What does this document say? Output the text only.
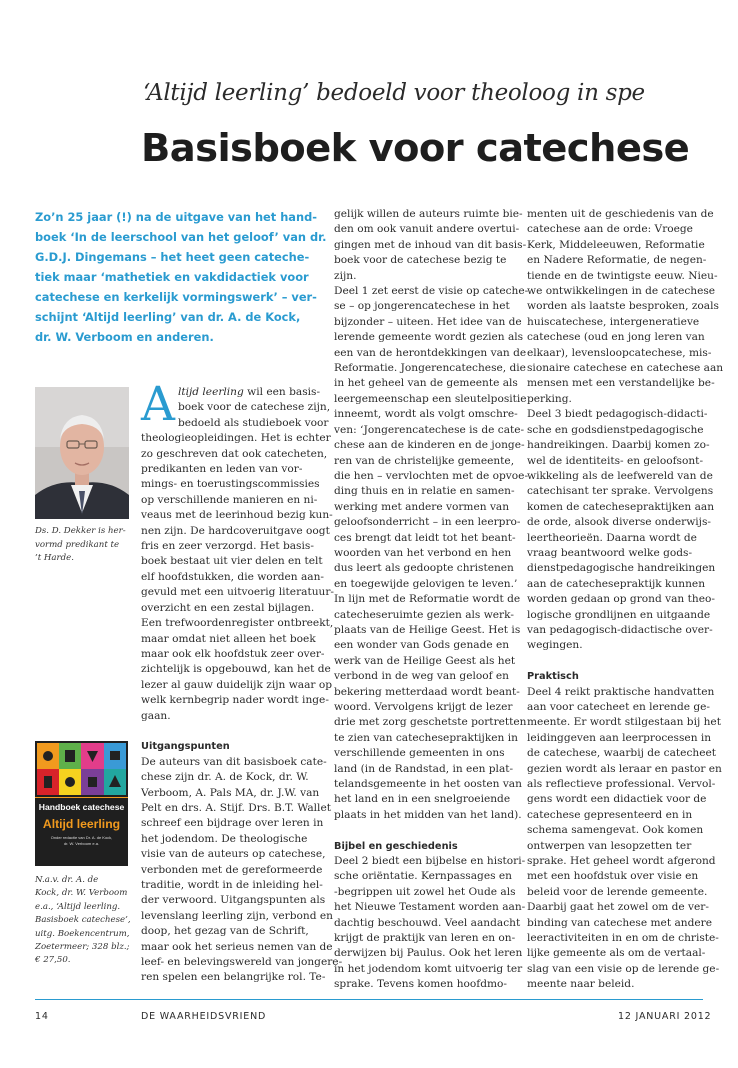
‘Altijd leerling’ bedoeld voor theoloog in spe
Basisboek voor catechese
Zo’n 25 jaar (!) na de uitgave van het hand-
boek ‘In de leerschool van het geloof’ van dr.
G.D.J. Dingemans – het heet geen cateche-
tiek maar ‘mathetiek en vakdidactiek voor
catechese en kerkelijk vormingswerk’ – ver-
schijnt ‘Altijd leerling’ van dr. A. de Kock,
dr. W. Verboom en anderen.
Ds. D. Dekker is her-
vormd predikant te
’t Harde.
Handboek catechese
Altijd leerling
Onder redactie van Dr. A. de Kock,
dr. W. Verboom e.a.
N.a.v. dr. A. de
Kock, dr. W. Verboom
e.a., ‘Altijd leerling.
Basisboek catechese’,
uitg. Boekencentrum,
Zoetermeer; 328 blz.;
€ 27,50.
A ltijd leerling wil een basis-
boek voor de catechese zijn,
bedoeld als studieboek voor
theologieopleidingen. Het is echter
zo geschreven dat ook catecheten,
predikanten en leden van vor-
mings- en toerustingscommissies
op verschillende manieren en ni-
veaus met de leerinhoud bezig kun-
nen zijn. De hardcoveruitgave oogt
fris en zeer verzorgd. Het basis-
boek bestaat uit vier delen en telt
elf hoofdstukken, die worden aan-
gevuld met een uitvoerig literatuur-
overzicht en een zestal bijlagen.
Een trefwoordenregister ontbreekt,
maar omdat niet alleen het boek
maar ook elk hoofdstuk zeer over-
zichtelijk is opgebouwd, kan het de
lezer al gauw duidelijk zijn waar op
welk kernbegrip nader wordt inge-
gaan.
Uitgangspunten
De auteurs van dit basisboek cate-
chese zijn dr. A. de Kock, dr. W.
Verboom, A. Pals MA, dr. J.W. van
Pelt en drs. A. Stijf. Drs. B.T. Wallet
schreef een bijdrage over leren in
het jodendom. De theologische
visie van de auteurs op catechese,
verbonden met de gereformeerde
traditie, wordt in de inleiding hel-
der verwoord. Uitgangspunten als
levenslang leerling zijn, verbond en
doop, het gezag van de Schrift,
maar ook het serieus nemen van de
leef- en belevingswereld van jongere-
ren spelen een belangrijke rol. Te-
gelijk willen de auteurs ruimte bie-
den om ook vanuit andere overtui-
gingen met de inhoud van dit basis-
boek voor de catechese bezig te
zijn.
Deel 1 zet eerst de visie op cateche-
se – op jongerencatechese in het
bijzonder – uiteen. Het idee van de
lerende gemeente wordt gezien als
een van de herontdekkingen van de
Reformatie. Jongerencatechese, die
in het geheel van de gemeente als
leergemeenschap een sleutelpositie
inneemt, wordt als volgt omschre-
ven: ‘Jongerencatechese is de cate-
chese aan de kinderen en de jonge-
ren van de christelijke gemeente,
die hen – vervlochten met de opvoe-
ding thuis en in relatie en samen-
werking met andere vormen van
geloofsonderricht – in een leerpro-
ces brengt dat leidt tot het beant-
woorden van het verbond en hen
dus leert als gedoopte christenen
en toegewijde gelovigen te leven.’
In lijn met de Reformatie wordt de
catecheseruimte gezien als werk-
plaats van de Heilige Geest. Het is
een wonder van Gods genade en
werk van de Heilige Geest als het
verbond in de weg van geloof en
bekering metterdaad wordt beant-
woord. Vervolgens krijgt de lezer
drie met zorg geschetste portretten
te zien van catechesepraktijken in
verschillende gemeenten in ons
land (in de Randstad, in een plat-
telandsgemeente in het oosten van
het land en in een snelgroeiende
plaats in het midden van het land).
Bijbel en geschiedenis
Deel 2 biedt een bijbelse en histori-
sche oriëntatie. Kernpassages en
-begrippen uit zowel het Oude als
het Nieuwe Testament worden aan-
dachtig beschouwd. Veel aandacht
krijgt de praktijk van leren en on-
derwijzen bij Paulus. Ook het leren
in het jodendom komt uitvoerig ter
sprake. Tevens komen hoofdmo-
menten uit de geschiedenis van de
catechese aan de orde: Vroege
Kerk, Middeleeuwen, Reformatie
en Nadere Reformatie, de negen-
tiende en de twintigste eeuw. Nieu-
we ontwikkelingen in de catechese
worden als laatste besproken, zoals
huiscatechese, intergeneratieve
catechese (oud en jong leren van
elkaar), levensloopcatechese, mis-
sionaire catechese en catechese aan
mensen met een verstandelijke be-
perking.
Deel 3 biedt pedagogisch-didacti-
sche en godsdienstpedagogische
handreikingen. Daarbij komen zo-
wel de identiteits- en geloofsont-
wikkeling als de leefwereld van de
catechisant ter sprake. Vervolgens
komen de catechesepraktijken aan
de orde, alsook diverse onderwijs-
leertheorieën. Daarna wordt de
vraag beantwoord welke gods-
dienstpedagogische handreikingen
aan de catechesepraktijk kunnen
worden gedaan op grond van theo-
logische grondlijnen en uitgaande
van pedagogisch-didactische over-
wegingen.
Praktisch
Deel 4 reikt praktische handvatten
aan voor catecheet en lerende ge-
meente. Er wordt stilgestaan bij het
leidinggeven aan leerprocessen in
de catechese, waarbij de catecheet
gezien wordt als leraar en pastor en
als reflectieve professional. Vervol-
gens wordt een didactiek voor de
catechese gepresenteerd en in
schema samengevat. Ook komen
ontwerpen van lesopzetten ter
sprake. Het geheel wordt afgerond
met een hoofdstuk over visie en
beleid voor de lerende gemeente.
Daarbij gaat het zowel om de ver-
binding van catechese met andere
leeractiviteiten in en om de christe-
lijke gemeente als om de vertaal-
slag van een visie op de lerende ge-
meente naar beleid.
14	DE WAARHEIDSVRIEND	12 JANUARI 2012
